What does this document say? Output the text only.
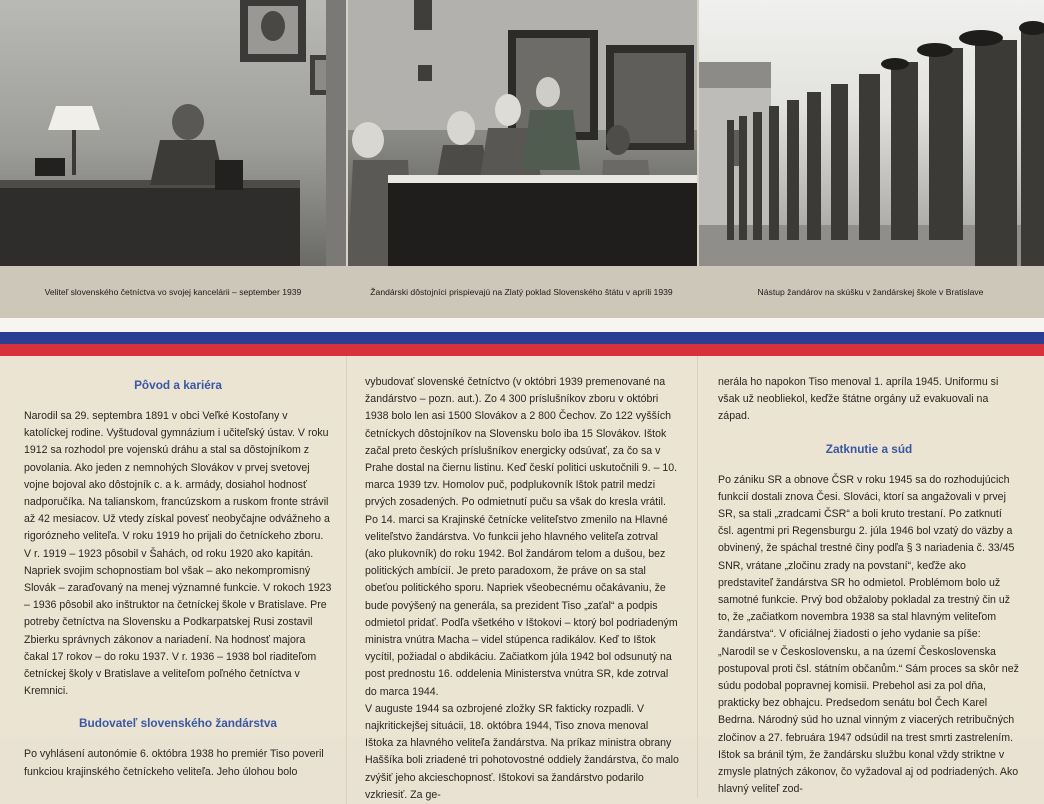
Veliteľ slovenského četníctva vo svojej kancelárii – september 1939	Žandárski dôstojníci prispievajú na Zlatý poklad Slovenského štátu v apríli 1939	Nástup žandárov na skúšku v žandárskej škole v Bratislave
Pôvod a kariéra

Narodil sa 29. septembra 1891 v obci Veľké Kostoľany v katolíckej rodine. Vyštudoval gymnázium i učiteľský ústav. V roku 1912 sa rozhodol pre vojenskú dráhu a stal sa dôstojníkom z povolania. Ako jeden z nemnohých Slovákov v prvej svetovej vojne bojoval ako dôstojník c. a k. armády, dosiahol hodnosť nadporučíka. Na talianskom, francúzskom a ruskom fronte strávil až 42 mesiacov. Už vtedy získal povesť neobyčajne odvážneho a rigorózneho veliteľa. V roku 1919 ho prijali do četníckeho zboru. V r. 1919 – 1923 pôsobil v Šahách, od roku 1920 ako kapitán. Napriek svojim schopnostiam bol však – ako nekompromisný Slovák – zaraďovaný na menej významné funkcie. V rokoch 1923 – 1936 pôsobil ako inštruktor na četníckej škole v Bratislave. Pre potreby četníctva na Slovensku a Podkarpatskej Rusi zostavil Zbierku správnych zákonov a nariadení. Na hodnosť majora čakal 17 rokov – do roku 1937. V r. 1936 – 1938 bol riaditeľom četníckej školy v Bratislave a veliteľom poľného četníctva v Kremnici.

Budovateľ slovenského žandárstva

Po vyhlásení autonómie 6. októbra 1938 ho premiér Tiso poveril funkciou krajinského četníckeho veliteľa. Jeho úlohou bolo

vybudovať slovenské četníctvo (v októbri 1939 premenované na žandárstvo – pozn. aut.). Zo 4 300 príslušníkov zboru v októbri 1938 bolo len asi 1500 Slovákov a 2 800 Čechov. Zo 122 vyšších četníckych dôstojníkov na Slovensku bolo iba 15 Slovákov. Ištok začal preto českých príslušníkov energicky odsúvať, za čo sa v Prahe dostal na čiernu listinu. Keď českí politici uskutočnili 9. – 10. marca 1939 tzv. Homolov puč, podplukovník Ištok patril medzi prvých zosadených. Po odmietnutí puču sa však do kresla vrátil.

Po 14. marci sa Krajinské četnícke veliteľstvo zmenilo na Hlavné veliteľstvo žandárstva. Vo funkcii jeho hlavného veliteľa zotrval (ako plukovník) do roku 1942. Bol žandárom telom a dušou, bez politických ambícií. Je preto paradoxom, že práve on sa stal obeťou politického sporu. Napriek všeobecnému očakávaniu, že bude povýšený na generála, sa prezident Tiso „zaťal“ a podpis odmietol pridať. Podľa všetkého v Ištokovi – ktorý bol podriadeným ministra vnútra Macha – videl stúpenca radikálov. Keď to Ištok vycítil, požiadal o abdikáciu. Začiatkom júla 1942 bol odsunutý na post prednostu 16. oddelenia Ministerstva vnútra SR, kde zotrval do marca 1944.

V auguste 1944 sa ozbrojené zložky SR fakticky rozpadli. V najkritickejšej situácii, 18. októbra 1944, Tiso znova menoval Ištoka za hlavného veliteľa žandárstva. Na príkaz ministra obrany Haššíka boli zriadené tri pohotovostné oddiely žandárstva, čo malo zvýšiť jeho akcieschopnosť. Ištokovi sa žandárstvo podarilo vzkriesiť. Za ge-

nerála ho napokon Tiso menoval 1. apríla 1945. Uniformu si však už neobliekol, keďže štátne orgány už evakuovali na západ.

Zatknutie a súd

Po zániku SR a obnove ČSR v roku 1945 sa do rozhodujúcich funkcií dostali znova Česi. Slováci, ktorí sa angažovali v prvej SR, sa stali „zradcami ČSR“ a boli kruto trestaní. Po zatknutí čsl. agentmi pri Regensburgu 2. júla 1946 bol vzatý do väzby a obvinený, že spáchal trestné činy podľa § 3 nariadenia č. 33/45 SNR, vrátane „zločinu zrady na povstaní“, keďže ako predstaviteľ žandárstva SR ho odmietol. Problémom bolo už samotné funkcie. Prvý bod obžaloby pokladal za trestný čin už to, že „začiatkom novembra 1938 sa stal hlavným veliteľom žandárstva“. V oficiálnej žiadosti o jeho vydanie sa píše: „Narodil se v Československu, a na území Československa postupoval proti čsl. státním občanům.“ Sám proces sa skôr než súdu podobal popravnej komisii. Prebehol asi za pol dňa, prakticky bez obhajcu. Predsedom senátu bol Čech Karel Bedrna. Národný súd ho uznal vinným z viacerých retribučných zločinov a 27. februára 1947 odsúdil na trest smrti zastrelením. Ištok sa bránil tým, že žandársku službu konal vždy striktne v zmysle platných zákonov, čo vyžadoval aj od podriadených. Ako hlavný veliteľ zod-
